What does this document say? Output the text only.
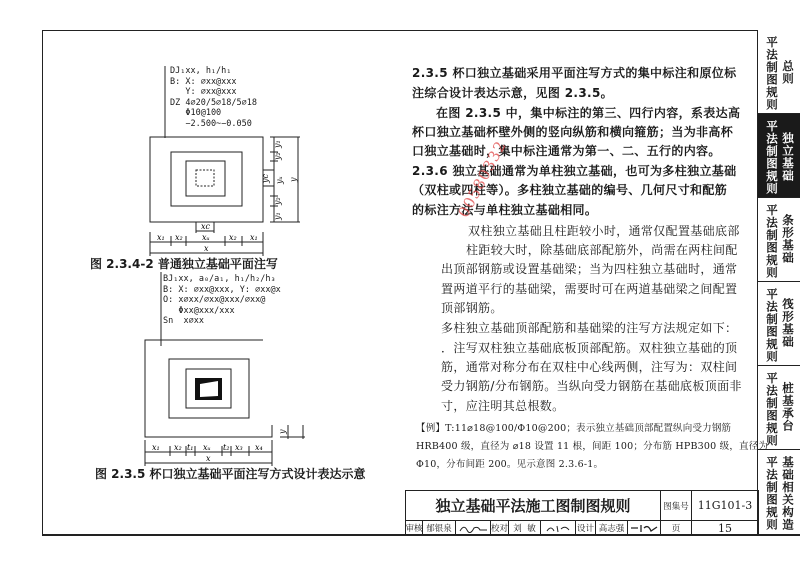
DJ₁xx, h₁/h₁
B: X: ⌀xx@xxx
Y: ⌀xx@xxx
DZ 4⌀20/5⌀18/5⌀18
Φ10@100
−2.500~−0.050
x₁ x₂ xᵤ x₂ x₁
xc
x
y₁
y₂
yᵤ
y₂
y₁
yc y
图 2.3.4-2 普通独立基础平面注写
BJ₁xx, a₀/a₁, h₁/h₂/h₃
B: X: ⌀xx@xxx, Y: ⌀xx@x
O: x⌀xx/⌀xx@xxx/⌀xx@
Φxx@xxx/xxx
Sn  x⌀xx
x₁ x₂ t₁ xᵤ t₂ x₃ x₄
x
y
图 2.3.5 杯口独立基础平面注写方式设计表达示意
2.3.5 杯口独立基础采用平面注写方式的集中标注和原位标
注综合设计表达示意，见图 2.3.5。
在图 2.3.5 中，集中标注的第三、四行内容，系表达高
杯口独立基础杯壁外侧的竖向纵筋和横向箍筋；当为非高杯
口独立基础时，集中标注通常为第一、二、五行的内容。
2.3.6 独立基础通常为单柱独立基础，也可为多柱独立基础
（双柱或四柱等）。多柱独立基础的编号、几何尺寸和配筋
的标注方法与单柱独立基础相同。
双柱独立基础且柱距较小时，通常仅配置基础底部
柱距较大时，除基础底部配筋外，尚需在两柱间配
出顶部钢筋或设置基础梁；当为四柱独立基础时，通常
置两道平行的基础梁，需要时可在两道基础梁之间配置
顶部钢筋。
多柱独立基础顶部配筋和基础梁的注写方法规定如下：
．注写双柱独立基础底板顶部配筋。双柱独立基础的顶
筋，通常对称分布在双柱中心线两侧，注写为：双柱间
受力钢筋/分布钢筋。当纵向受力钢筋在基础底板顶面非
寸，应注明其总根数。
【例】T:11⌀18@100/Φ10@200；表示独立基础顶部配置纵向受力钢筋
HRB400 级，直径为 ⌀18 设置 11 根，间距 100；分布筋 HPB300 级，直径为
Φ10，分布间距 200。见示意图 2.3.6-1。
00580332
独立基础平法施工图制图规则	图集号 11G101-3
审核 郁银泉	校对 刘  敏	设计 高志强	页	15
平法制图规则 总则
平法制图规则 独立基础
平法制图规则 条形基础
平法制图规则 筏形基础
平法制图规则 桩基承台
平法制图规则 基础相关构造
